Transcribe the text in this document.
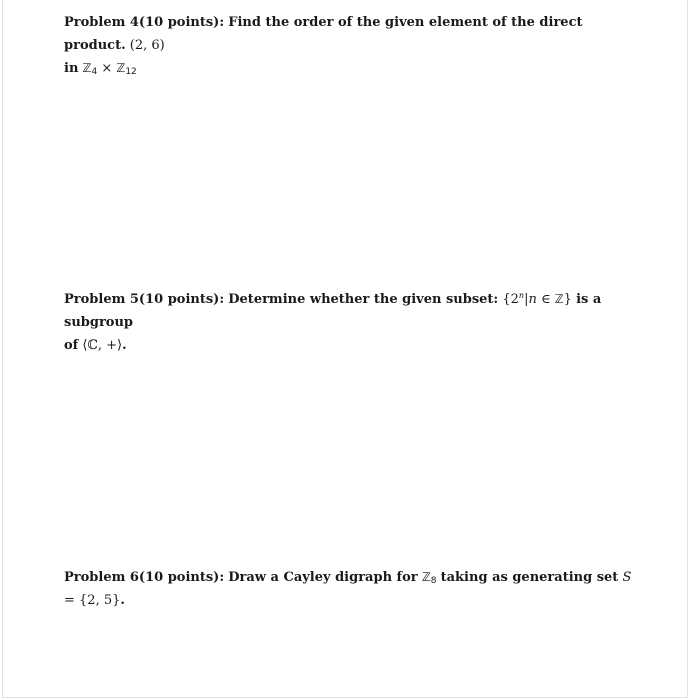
Problem 4(10 points): Find the order of the given element of the direct product. (2, 6)
in ℤ$_4$ × ℤ$_{12}$
Problem 5(10 points): Determine whether the given subset: {2$^n$|n ∈ ℤ} is a subgroup
of ⟨ℂ, +⟩.
Problem 6(10 points): Draw a Cayley digraph for ℤ$_8$ taking as generating set S = {2, 5}.
